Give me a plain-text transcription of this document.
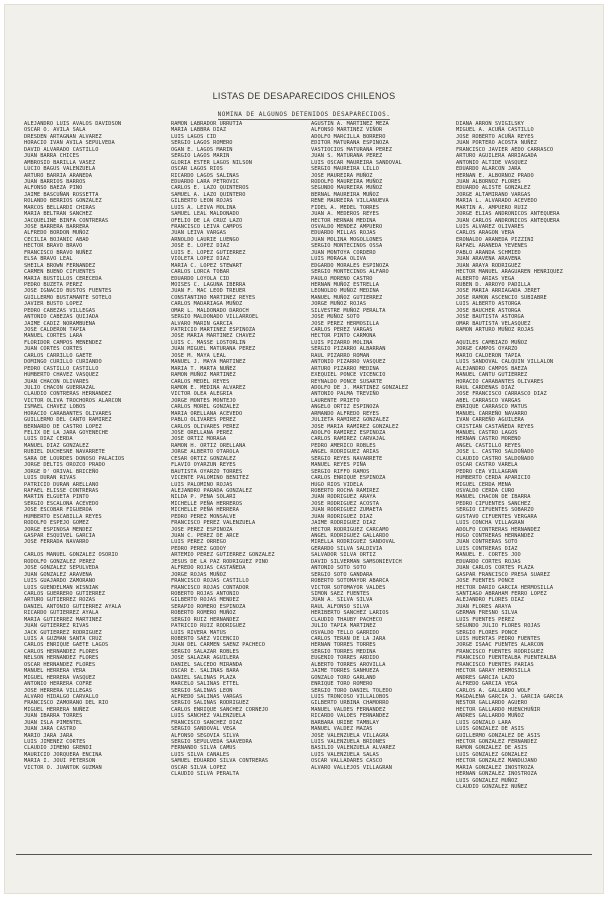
LISTAS DE DESAPARECIDOS CHILENOS
NOMINA DE ALGUNOS DETENIDOS DESAPARECIDOS.
ALEJANDRO LUIS AVALOS DAVIDSON
OSCAR O. AVILA SALA
DRESDEN ARTAGNAN ALVAREZ
HORACIO IVAN AVILA SEPULVEDA
DAVID ALVARADO CASTILLO
JUAN BARRA CHICES
AMBROSIO BARILLA VASEZ
LUCIO BAGUS VALENZUELA
ARTURO BARRIA ARANEDA
JUAN BARRIOS BARROS
ALFONSO BAEZA PINO
JAIME BASCUÑAN ROSSETTA
ROLANDO BERRIOS GONZALEZ
MARCOS BELLARDI CHIRAS
MARIA BELTRAN SANCHEZ
JACQUELINE BINFA CONTRERAS
JOSE BARRERA BARRERA
ALFREDO BORDON MUÑOZ
CECILIA BOJANIC ABAD
HECTOR BRAVO BRAVO
FRANCISCO BRAVO NUÑEZ
ELSA BRAVO LEAL
SHEILA BROWN FERNANDEZ
CARMEN BUENO CIFUENTES
MARIA BUSTILLOS CERECEDA
PEDRO BUZETA PEREZ
JOSE IGNACIO BUSTOS FUENTES
GUILLERMO BUSTAMANTE SOTELO
JAVIER BUSTO LOPEZ
PEDRO CABEZAS VILLEGAS
ANTONIO CABEZAS QUIJADA
JAIME CADIZ NORAMBUENA
JOSE CALDERON TAPIA
MANUEL CORTES LARA
FLORIDOR CAMPOS MENENDEZ
JUAN CORTES CORTES
CARLOS CARRILLO GAETE
DOMINGO CURILLO CURIANDO
PEDRO CASTILLO CASTILLO
HUMBERTO CHAVEZ VASQUEZ
JUAN CHACON OLIVARES
JULIO CHACON GUERRAZAL
CLAUDIO CONTRERAS HERNANDEZ
VICTOR OLIVA TROCHOROS ALARCON
ISMAEL CHAVEZ LOBOS
HORACIO CARABANTES OLIVARES
GUILLERMO DEL CANTO RAMIREZ
BERNARDO DE CASTRO LOPEZ
FELIX DE LA JARA GOYENECHE
LUIS DIAZ CERDA
MANUEL DIAZ GONZALEZ
RUBIEL DUCHESNE NAVARRETE
SARA DE LOURDES DONOSO PALACIOS
JORGE DELTIS OROZCO PRADO
JORGE D' ORIVAL BRICEÑO
LUIS DURAN RIVAS
PATRICIO DURAN ARELLANO
RAFAEL ELISSE CONTRERAS
MARTIN ELGUETA PINTO
SERGIO ESCALONA ACEVEDO
JOSE ESCOBAR FIGUEROA
HUMBERTO ESCABILLA REYES
RODOLFO ESPEJO GOMEZ
JORGE ESPINOSA MENDEZ
GASPAR ESQUIVEL GARCIA
JOSE FERRADA NAVARRO
CARLOS MANUEL GONZALEZ OSORIO
RODOLFO GONZALEZ PEREZ
JOSE GONZALEZ SEPULVEDA
JUAN GONZALEZ ARAVENA
LUIS GUAJARDO ZAMORANO
LUIS GUENDELMAN WISNIAK
CARLOS GUERRERO GUTIERREZ
ARTURO GUTIERREZ ROZAS
DANIEL ANTONIO GUTIERREZ AYALA
RICARDO GUTIERREZ AYALA
MARIA GUTIERREZ MARTINEZ
JUAN GUTIERREZ RIVAS
JACK GUTIERREZ RODRIGUEZ
LUIS A GUZMAN SANTA CRUZ
CARLOS ENRIQUE GAETE LAGOS
CARLOS HERNANDEZ FLORES
NELSON HERNANDEZ FLORES
OSCAR HERNANDEZ FLORES
MANUEL HERRERA VERA
MIGUEL HERRERA VASQUEZ
ANTONIO HERRERA COFRE
JOSE HERRERA VILLEGAS
ALVARO HIDALGO CARVALLO
FRANCISCO ZAMORANO DEL RIO
MIGUEL HERRERA NUÑEZ
JUAN IBARRA TORRES
JUAN ISLA PIMENTEL
JUAN JARA CASTRO
MARIO JARA JARA
LUIS JIMENEZ CORTES
CLAUDIO JIMENO GRENDI
MAURICIO JORQUERA ENCINA
MARIA I. JOUI PETERSON
VICTOR O. JUANTOK GUZMAN
RAMON LABRADOR URRUTIA
MARIA LABBRA DIAZ
LUIS LAGOS CID
SERGIO LAGOS ROMERO
OGAN E. LAGOS MARIN
SERGIO LAGOS MARIN
GLORIA ESTER LAGOS NILSON
OSCAR LAGOS RIOS
RICARDO LAGOS SALINAS
EDUARDO LARA PETROVIC
CARLOS E. LAZO QUINTEROS
SAMUEL A. LAZO QUINTERO
GILBERTO LEON ROJAS
LUIS A. LEIVA MOLINA
SAMUEL LEAL MALDONADO
OFELIO DE LA CRUZ LAZO
FRANCISCO LEIVA CAMPOS
JUAN LEIVA VARGAS
ARNOLDO LAURIE LUENGO
JOSE E. LOPEZ DIAZ
LUIS E. LOPEZ GUTIERREZ
VIOLETA LOPEZ DIAZ
MARIA C. LOPEZ STEWART
CARLOS LORCA TOBAR
EDUARDO LOYOLA CID
MOISES C. LAGUNA IBERRA
JUAN F. MAC LEOD TREUER
CONSTANTINO MARTINEZ REYES
CARLOS MADARIAGA MUÑOZ
OMAR L. MALDONADO DAROCH
SERGIO MALDONADO VILLARROEL
ALVARO MARIN GARCIA
PATRICIO MARTINEZ ESPINOZA
JOSE MARIA MARTINEZ CHAVEZ
LUIS C. MASSE LOSTORLIN
JUAN MIGUEL MATURANA PEREZ
JOSE M. MAYA LEAL
MANUEL J. MAYA MARTINEZ
MARIA T. MARTA NUÑEZ
RAMON MUÑOZ MARTINEZ
CARLOS MEDEL REYES
RAMON E. MEDINA ALVAREZ
VICTOR OLEA ALEGRIA
JORGE MONTES MONTEJO
CARLOS MOREL GONZALEZ
MARIA ORELLANA ACEVEDO
PABLO OLIVARES PEREZ
CARLOS OLIVARES PEREZ
JOSE ORELLANA PEREZ
JOSE ORTIZ MORAGA
RAMON H. ORTIZ ORELLANA
JORGE ALBERTO OTAROLA
CESAR ORTIZ GONZALEZ
FLAVIO OYARZUN REYES
BAUTISTA OYARZO TORRES
VICENTE PALOMINO BENITEZ
LUIS PALOMINO ROJAS
ALEJANDRO PARADA GONZALEZ
NILDA P. PENA SOLARI
MICHELLE PEÑA HERREROS
MICHELLE PEÑA HERRERA
PEDRO PEREZ MONSALVE
FRANCISCO PEREZ VALENZUELA
JOSE PEREZ ESPINOZA
JUAN C. PEREZ DE ARCE
LUIS PEREZ ORREGO
PEDRO PEREZ GODOY
ARTEMIO PEREZ GUTIERREZ GONZALEZ
JESUS DE LA PAZ RODRIGUEZ PINO
ALFREDO ROJAS CASTAÑEDA
JORGE ROJAS MUÑOZ
FRANCISCO ROJAS CASTILLO
FRANCISCO ROJAS CONTADOR
ROBERTO ROJAS ANTONIO
GILBERTO ROJAS MENDEZ
SERAPIO ROMERO ESPINOZA
ROBERTO ROMERO MUÑOZ
SERGIO RUIZ HERNANDEZ
PATRICIO RUIZ RODRIGUEZ
LUIS RIVERA MATUS
ROBERTO SAEZ VICENCIO
JUAN DEL CARMEN SAENZ PACHECO
SERGIO SALAZAR ROBLES
JOSE SALAZAR AGUILERA
DANIEL SALCEDO MIRANDA
OSCAR E. SALINAS BARA
DANIEL SALINAS PLAZA
MARCELO SALINAS ETTEL
SERGIO SALINAS LEON
ALFREDO SALINAS VARGAS
SERGIO SALINAS RODRIGUEZ
CARLOS ENRIQUE SANCHEZ CORNEJO
LUIS SANCHEZ VALENZUELA
FRANCISCO SANCHEZ DIAZ
SERGIO SANDOVAL VEGA
ALFONSO SEGOVIA SILVA
SERGIO SEPULVEDA SAAVEDRA
FERNANDO SILVA CAMUS
LUIS SILVA CANALES
SAMUEL EDUARDO SILVA CONTRERAS
OSCAR SILVA LOPEZ
CLAUDIO SILVA PERALTA
AGUSTIN A. MARTINEZ MEZA
ALFONSO MARTINEZ VIÑOR
ADOLFO MARCILLA BORRERO
EDITOR MATURANA ESPINOZA
VASTIOCIOS MATURANA PEREZ
JUAN S. MATURANA PEREZ
LUIS OSCAR MAUREIRA SANDOVAL
SERGIO MAUREIRA LILLO
JOSE MAUREIRA MUÑOZ
RODOLFO MAUREIRA MUÑOZ
SEGUNDO MAUREIRA MUÑOZ
BERNAL MAUREIRA MUÑOZ
RENE MAUREIRA VILLANUEVA
FIDEL A. MEDEL TORRES
JUAN A. MEDEROS REYES
HECTOR HERNAN MEDINA
OSVALDO MENDEZ AMPUERO
EDUARDO MILLAS ROJAS
JUAN MOLINA MOGOLLONES
SERGIO MONTECINOS OSSA
JUAN MONTOYA CORDERO
LUIS MORAGA OLIVA
EDGARDO MORALES ESPINOZA
SERGIO MONTECINOS ALFARO
PAULO MORENO CASTRO
HERNAN MUÑOZ ESTRELLA
LEONOLDO MUÑOZ MEDINA
MANUEL MUÑOZ GUTIERREZ
JORGE MUÑOZ ROJAS
SILVESTRE MUÑOZ PERALTA
JOSE MUÑOZ SOTO
JOSE PEREZ HERMOSILLA
CARLOS PEREZ VARGAS
HECTOR PINTO CARMONA
LUIS PIZARRO MOLINA
SERGIO PIZARRO ALBARRAN
RAUL PIZARRO ROMAN
ANTONIO PIZARRO VASQUEZ
ARTURO PIZARRO MEDINA
EXEQUIEL PONCE VICENCIO
REYNALDO PONCE SUSARTE
ADOLFO DE J. MARTINEZ GONZALEZ
ANTONIO PALMA TREVIÑO
LAURENTE PRIETO
ANGELO ORTIZ ESPINOZA
ARMANDO ALFREDO REYES
JULIETA RAMIREZ GONZALEZ
JOSE MARIA RAMIREZ GONZALEZ
ADOLFO RAMIREZ ESPINOZA
CARLOS RAMIREZ CARVAJAL
PEDRO AMERICO ROBLES
ANGEL RODRIGUEZ ARIAS
SERGIO REYES NAVARRETE
MANUEL REYES PIÑA
SERGIO RIFFO RAMOS
CARLOS ENRIQUE ESPINOZA
HUGO RIOS VIDELA
ROBERTO ROCHA RAMIREZ
JUAN RODRIGUEZ ARAYA
JOSE RODRIGUEZ ACOSTA
JUAN RODRIGUEZ ZUMAETA
JUAN RODRIGUEZ DIAZ
JAIME RODRIGUEZ DIAZ
HECTOR RODRIGUEZ CARCAMO
ANGEL RODRIGUEZ GALLARDO
MIRELLA RODRIGUEZ SANDOVAL
GERARDO SILVA SALDIVIA
SALVADOR SILVA ORTIZ
DAVID SILVERMAN SAMSONIEVICH
ANTONIO SOTO SOTO
SERGIO SOTO GANDARA
ROBERTO SOTOMAYOR ABARCA
VICTOR SOTOMAYOR VALDES
SIMON SAEZ FUENTES
JUAN A. SILVA SILVA
RAUL ALFONSO SILVA
HERIBERTO SANCHEZ LARIOS
CLAUDIO THAUBY PACHECO
JULIO TAPIA MARTINEZ
OSVALDO TELLO GARRIDO
CARLOS TERAN DE LA JARA
HERNAN TORRES TORRES
SERGIO TORRES MEDINA
EUGENIO TORRES ARDIDO
ALBERTO TORRES AROVILLA
JAIME TORRES SANHUEZA
GONZALO TORO GARLAND
ENRIQUE TORO ROMERO
SERGIO TORO DANIEL TOLEDO
LUIS TRONCOSO VILLALOBOS
GILBERTO URBINA CHAMORRO
MANUEL VALDES FERNANDEZ
RICARDO VALDES FERNANDEZ
BARBARA URIBE TAMBLAY
MANUEL VALDEZ MAZAS
JOSE VALENZUELA VILLAGRA
LUIS VALENZUELA BRIONES
BASILIO VALENZUELA ALVAREZ
LUIS VALENZUELA SALAS
OSCAR VALLADARES CASCO
ALVARO VALLEJOS VILLAGRAN
DIANA ARRON SVIGILSKY
MIGUEL A. ACUÑA CASTILLO
JOSE ROBERTO ACUÑA REYES
JUAN PORTERO ACOSTA NUÑEZ
FRANCISCO JAVIER AEDO CARRASCO
ARTURO AGUILERA ARRIAGADA
ANTONIO ALTIDE VASQUEZ
EDUARDO ALARCON JARA
HERNAN E. ALBORNOZ PRADO
JUAN ALBORNOZ FLORES
EDUARDO ALISTE GONZALEZ
JORGE ALTAMIRANO VARGAS
MARIA L. ALVARADO ACEVEDO
MARTIN A. AMPUERO RUIZ
JORGE ELIAS ANDRONICOS ANTEQUERA
JUAN CARLOS ANDRONICOS ANTEQUERA
LUIS ALVAREZ OLIVARES
CARLOS ARAGON VERA
ERONALDO ARANEDA PIZZINI
RAFAEL ARANEDA YEVENES
PABLO ARANDA SCHMIED
JUAN ARAVENA ARAVENA
JUAN ARAYA RODRIGUEZ
HECTOR MANUEL ARAGUAREN HENRIQUEZ
ALBERTO ARIAS VEGA
RUBEN D. ARROYO PADILLA
JOSE MARIA ARRIAGADA JERET
JOSE RAMON ASCENCIO SUBIABRE
LUIS ALBERTO ASTORGA
JOSE BAUCHER ASTORGA
JOSE BAUTISTA ASTORGA
OMAR BAUTISTA VELASQUEZ
RAMON ARTURO MUÑOZ ROJAS
AQUILES CAMBIAZO MUÑOZ
JORGE CAMPOS OYARZO
MARIO CALDERON TAPIA
LUIS SANDOVAL CALQUIN VILLALON
ALEJANDRO CAMPOS BAEZA
MANUEL CANTU GUTIERREZ
HORACIO CARABANTES OLIVARES
RAUL CARDENAS DIAZ
JOSE FRANCISCO CARRASCO DIAZ
ABEL CARRASCO VARGAS
ENRIQUE CARRASCO MATUS
MANUEL CARREÑO NAVARRO
IVAN CARREÑO AGUILERA
CRISTIAN CASTAÑEDA REYES
MANUEL CASTRO LAGOS
HERNAN CASTRO MORENO
ANGEL CASTILLO REYES
JOSE L. CASTRO SALDOÑADO
CLAUDIO CASTRO SALDOÑADO
OSCAR CASTRO VARELA
PEDRO CEA VILLAGRAN
HUMBERTO CERDA APARICIO
MIGUEL CERDA MENA
OSVALDO CERDA CURO
MANUEL CHACON DE IBARRA
PEDRO CIFUENTES SANCHEZ
SERGIO CIFUENTES SOBARZO
GUSTAVO CIFUENTES VERGARA
LUIS CONCHA VILLAGRAN
ADOLFO CONTRERAS HERNANDEZ
HUGO CONTRERAS HERNANDEZ
JUAN CONTRERAS SOTO
LUIS CONTRERAS DIAZ
MANUEL E. CORTES JOO
EDUARDO CORTES ROJAS
JUAN CARLOS CORTES PLAZA
GASPAR FRANCISCO PRESA SUAREZ
JOSE FUENTES PONCE
HECTOR DARIO GARCIA HERMOSILLA
SANTIAGO ABRAHAM FERRO LOPEZ
ALEJANDRO FLORES DIAZ
JUAN FLORES ARAYA
GERMAN FRESNO SILVA
LUIS FUENTES PEREZ
SEGUNDO JULIO FLORES ROJAS
SERGIO FLORES PONCE
LUIS HUERTAS PEDRO FUENTES
JORGE ISAAC FUENTES ALARCON
FRANCISCO FUENTES RODRIGUEZ
FRANCISCO FUENTEALBA FUENTEALBA
FRANCISCO FUENTES PARIAS
HECTOR GARAY HERMOSILLA
ANDRES GARCIA LAZO
ALFREDO GARCIA VEGA
CARLOS A. GALLARDO WOLF
MAGDALENA GARCIA J. GARCIA GARCIA
NESTOR GALLARDO AGUERO
HECTOR GALLARDO HUENCHUÑIR
ANDRES GALLARDO MUÑOZ
LUIS GONZALO LARA
LUIS GONZALEZ DE ASIS
GUILLERMO GONZALEZ DE ASIS
HECTOR GONZALEZ FERNANDEZ
RAMON GONZALEZ DE ASIS
LUIS GONZALEZ GONZALEZ
HECTOR GONZALEZ MANDUJANO
MARIA GONZALEZ INOSTROZA
HERNAN GONZALEZ INOSTROZA
LUIS GONZALEZ MUÑOZ
CLAUDIO GONZALEZ NUÑEZ
